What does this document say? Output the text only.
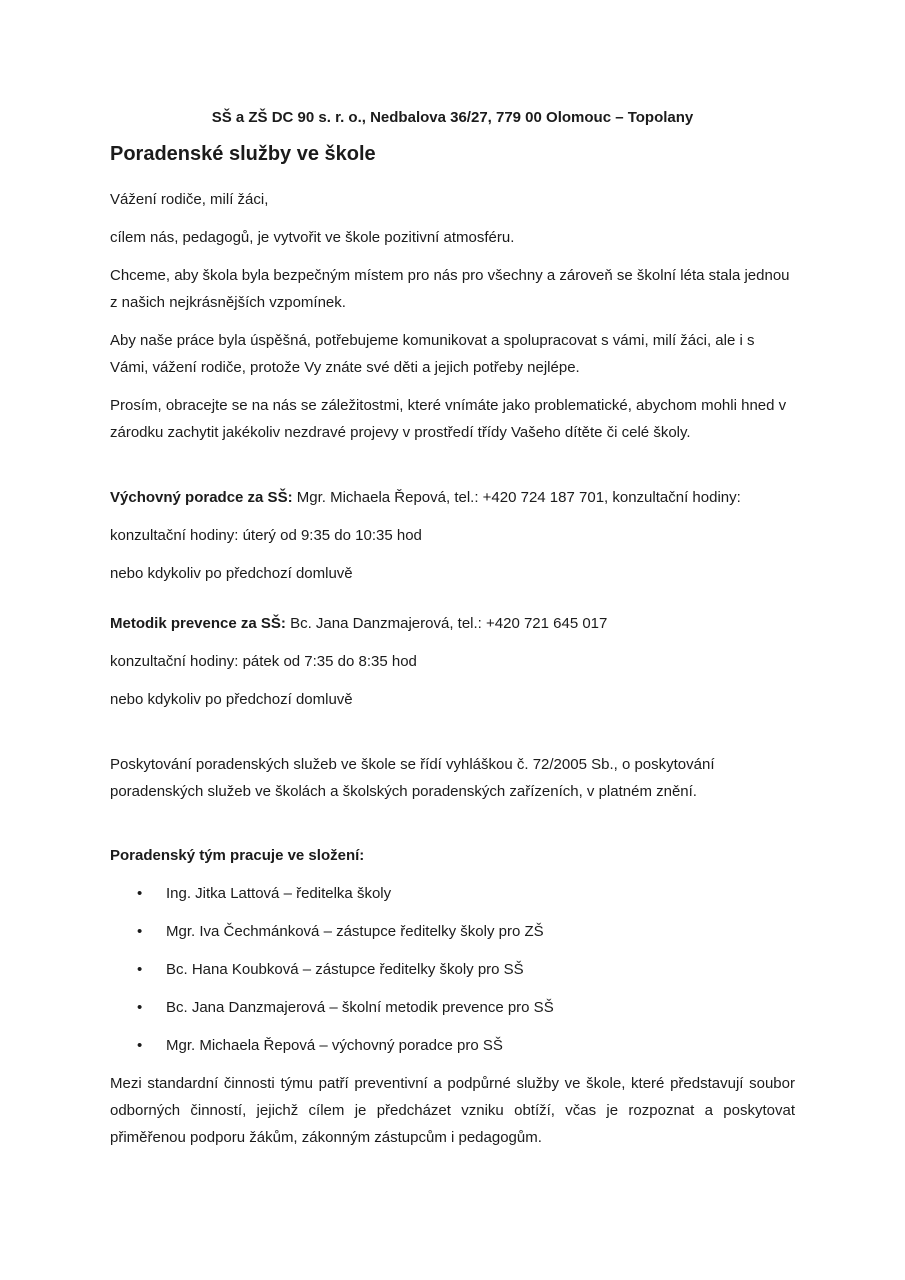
SŠ a ZŠ DC 90 s. r. o., Nedbalova 36/27, 779 00 Olomouc – Topolany

Poradenské služby ve škole

Vážení rodiče, milí žáci,

cílem nás, pedagogů, je vytvořit ve škole pozitivní atmosféru.

Chceme, aby škola byla bezpečným místem pro nás pro všechny a zároveň se školní léta stala jednou z našich nejkrásnějších vzpomínek.

Aby naše práce byla úspěšná, potřebujeme komunikovat a spolupracovat s vámi, milí žáci, ale i s Vámi, vážení rodiče, protože Vy znáte své děti a jejich potřeby nejlépe.

Prosím, obracejte se na nás se záležitostmi, které vnímáte jako problematické, abychom mohli hned v zárodku zachytit jakékoliv nezdravé projevy v prostředí třídy Vašeho dítěte či celé školy.

Výchovný poradce za SŠ: Mgr. Michaela Řepová, tel.: +420 724 187 701, konzultační hodiny:

konzultační hodiny: úterý od 9:35 do 10:35 hod

nebo kdykoliv po předchozí domluvě

Metodik prevence za SŠ: Bc. Jana Danzmajerová, tel.: +420 721 645 017

konzultační hodiny: pátek od 7:35 do 8:35 hod

nebo kdykoliv po předchozí domluvě

Poskytování poradenských služeb ve škole se řídí vyhláškou č. 72/2005 Sb., o poskytování poradenských služeb ve školách a školských poradenských zařízeních, v platném znění.

Poradenský tým pracuje ve složení:

• Ing. Jitka Lattová – ředitelka školy
• Mgr. Iva Čechmánková – zástupce ředitelky školy pro ZŠ
• Bc. Hana Koubková – zástupce ředitelky školy pro SŠ
• Bc. Jana Danzmajerová – školní metodik prevence pro SŠ
• Mgr. Michaela Řepová – výchovný poradce pro SŠ

Mezi standardní činnosti týmu patří preventivní a podpůrné služby ve škole, které představují soubor odborných činností, jejichž cílem je předcházet vzniku obtíží, včas je rozpoznat a poskytovat přiměřenou podporu žákům, zákonným zástupcům i pedagogům.
